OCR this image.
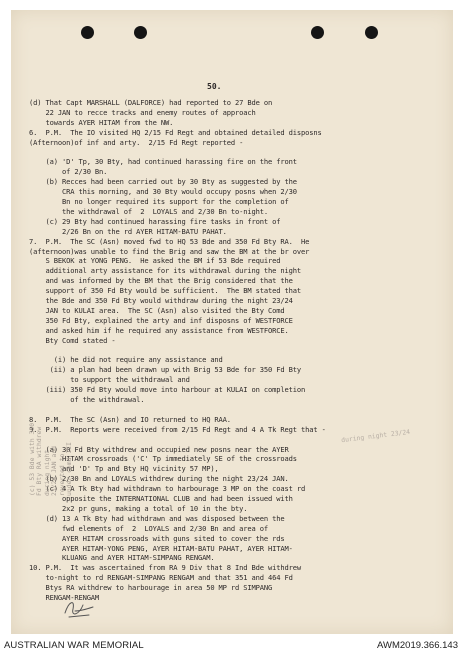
50.
(d) That Capt MARSHALL (DALFORCE) had reported to 27 Bde on
22 JAN to recce tracks and enemy routes of approach
towards AYER HITAM from the NW.
6.  P.M.  The IO visited HQ 2/15 Fd Regt and obtained detailed disposns
(Afternoon)of inf and arty.  2/15 Fd Regt reported -
(a) 'D' Tp, 30 Bty, had continued harassing fire on the front
of 2/30 Bn.
(b) Recces had been carried out by 30 Bty as suggested by the
CRA this morning, and 30 Bty would occupy posns when 2/30
Bn no longer required its support for the completion of
the withdrawal of  2  LOYALS and 2/30 Bn to-night.
(c) 29 Bty had continued harassing fire tasks in front of
2/26 Bn on the rd AYER HITAM-BATU PAHAT.
7.  P.M.  The SC (Asn) moved fwd to HQ 53 Bde and 350 Fd Bty RA.  He
(afternoon)was unable to find the Brig and saw the BM at the br over
S BEKOK at YONG PENG.  He asked the BM if 53 Bde required
additional arty assistance for its withdrawal during the night
and was informed by the BM that the Brig considered that the
support of 350 Fd Bty would be sufficient.  The BM stated that
the Bde and 350 Fd Bty would withdraw during the night 23/24
JAN to KULAI area.  The SC (Asn) also visited the Bty Comd
350 Fd Bty, explained the arty and inf disposns of WESTFORCE
and asked him if he required any assistance from WESTFORCE.
Bty Comd stated -
(i) he did not require any assistance and
(ii) a plan had been drawn up with Brig 53 Bde for 350 Fd Bty
to support the withdrawal and
(iii) 350 Fd Bty would move into harbour at KULAI on completion
of the withdrawal.
8.  P.M.  The SC (Asn) and IO returned to HQ RAA.
9.  P.M.  Reports were received from 2/15 Fd Regt and 4 A Tk Regt that -
(a) 30 Fd Bty withdrew and occupied new posns near the AYER
HITAM crossroads ('C' Tp immediately SE of the crossroads
and 'D' Tp and Bty HQ vicinity 57 MP),
(b) 2/30 Bn and LOYALS withdrew during the night 23/24 JAN.
(c) 4 A Tk Bty had withdrawn to harbourage 3 MP on the coast rd
opposite the INTERNATIONAL CLUB and had been issued with
2x2 pr guns, making a total of 10 in the bty.
(d) 13 A Tk Bty had withdrawn and was disposed between the
fwd elements of  2  LOYALS and 2/30 Bn and area of
AYER HITAM crossroads with guns sited to cover the rds
AYER HITAM-YONG PENG, AYER HITAM-BATU PAHAT, AYER HITAM-
KLUANG and AYER HITAM-SIMPANG RENGAM.
10. P.M.  It was ascertained from RA 9 Div that 8 Ind Bde withdrew
to-night to rd RENGAM-SIMPANG RENGAM and that 351 and 464 Fd
Btys RA withdrew to harbourage in area 50 MP rd SIMPANG
RENGAM-RENGAM
(c) 53 Bde with 350
Fd Bty RA withdrew
during night
23/24 JAN and
reverted to
under comd III
during night 23/24
AUSTRALIAN WAR MEMORIAL	AWM2019.366.143
